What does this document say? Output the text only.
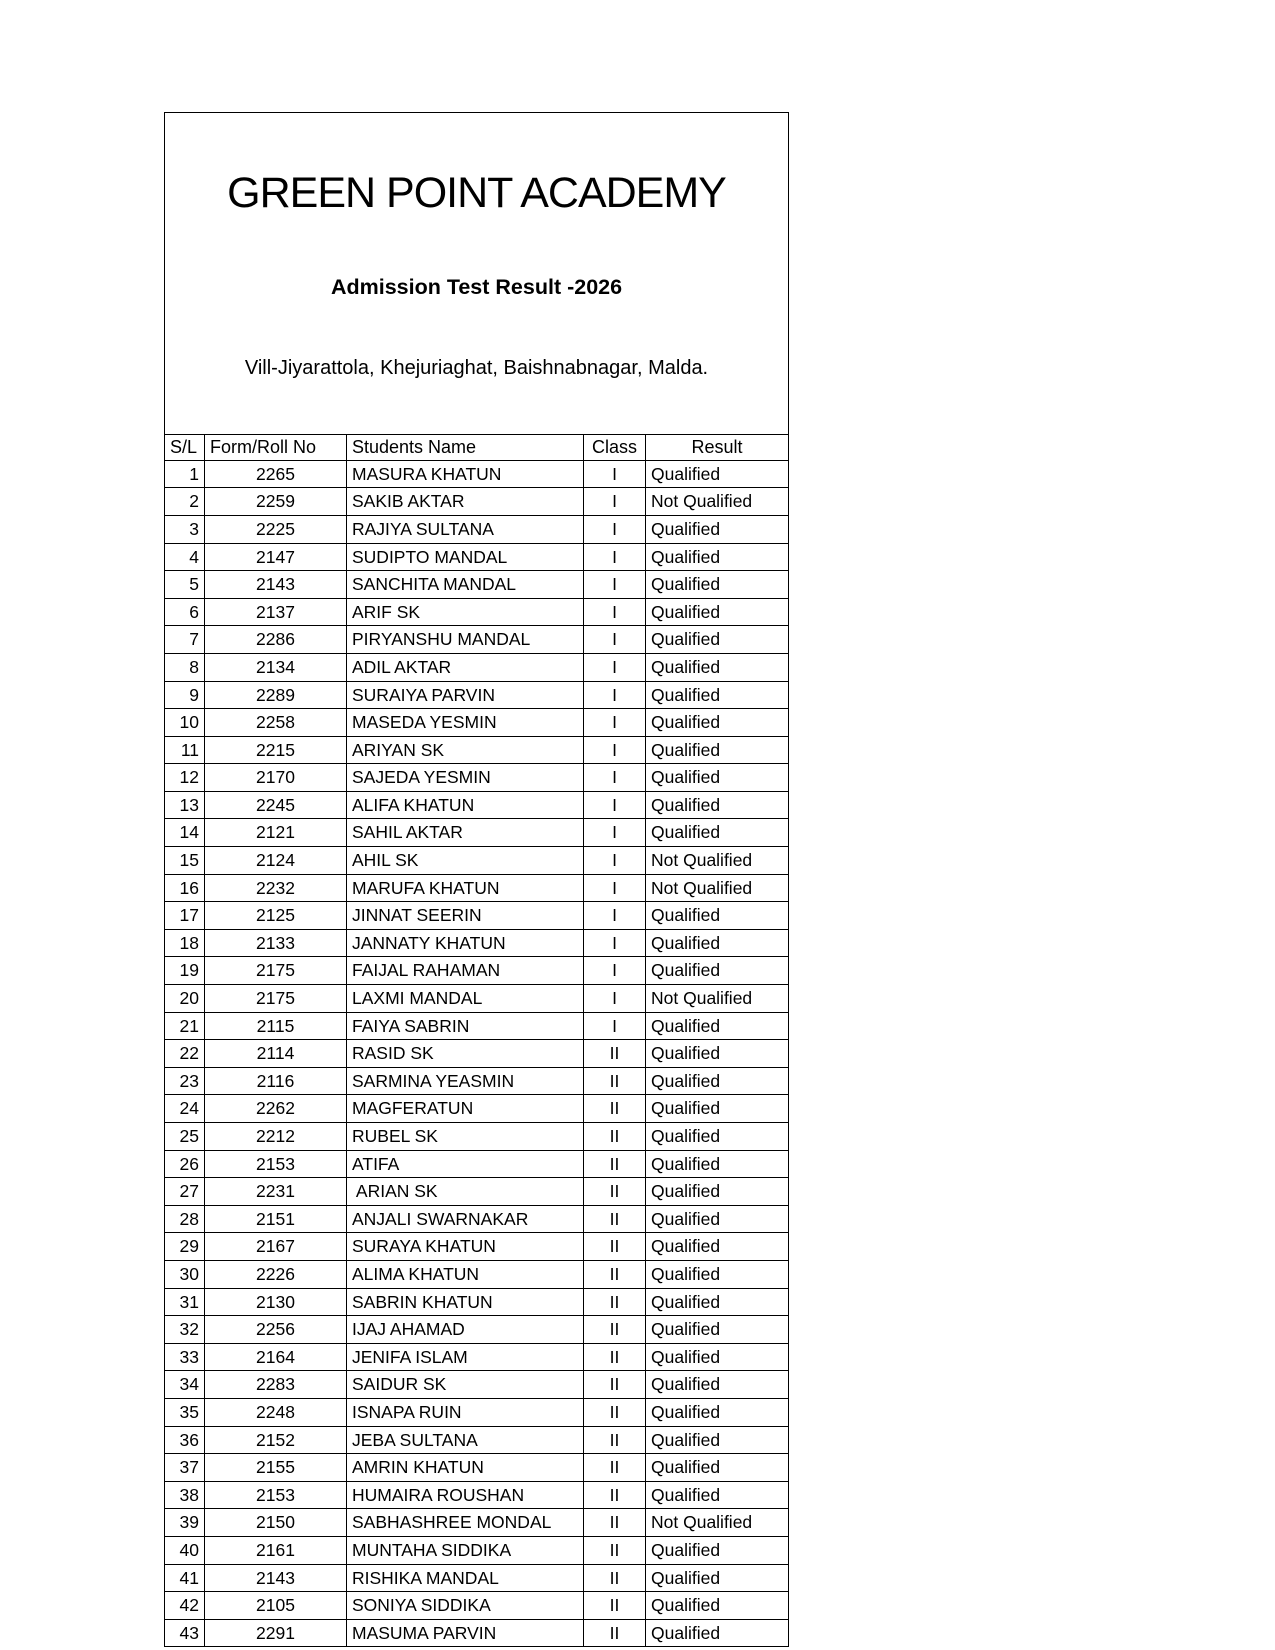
GREEN POINT ACADEMY

Admission Test Result -2026

Vill-Jiyarattola, Khejuriaghat, Baishnabnagar, Malda.				

S/L	Form/Roll No	Students Name	Class	Result
1	2265	MASURA KHATUN	I	Qualified
2	2259	SAKIB AKTAR	I	Not Qualified
3	2225	RAJIYA SULTANA	I	Qualified
4	2147	SUDIPTO MANDAL	I	Qualified
5	2143	SANCHITA MANDAL	I	Qualified
6	2137	ARIF SK	I	Qualified
7	2286	PIRYANSHU MANDAL	I	Qualified
8	2134	ADIL AKTAR	I	Qualified
9	2289	SURAIYA PARVIN	I	Qualified
10	2258	MASEDA YESMIN	I	Qualified
11	2215	ARIYAN SK	I	Qualified
12	2170	SAJEDA YESMIN	I	Qualified
13	2245	ALIFA KHATUN	I	Qualified
14	2121	SAHIL AKTAR	I	Qualified
15	2124	AHIL SK	I	Not Qualified
16	2232	MARUFA KHATUN	I	Not Qualified
17	2125	JINNAT SEERIN	I	Qualified
18	2133	JANNATY KHATUN	I	Qualified
19	2175	FAIJAL RAHAMAN	I	Qualified
20	2175	LAXMI MANDAL	I	Not Qualified
21	2115	FAIYA SABRIN	I	Qualified
22	2114	RASID SK	II	Qualified
23	2116	SARMINA YEASMIN	II	Qualified
24	2262	MAGFERATUN	II	Qualified
25	2212	RUBEL SK	II	Qualified
26	2153	ATIFA	II	Qualified
27	2231	ARIAN SK	II	Qualified
28	2151	ANJALI SWARNAKAR	II	Qualified
29	2167	SURAYA KHATUN	II	Qualified
30	2226	ALIMA KHATUN	II	Qualified
31	2130	SABRIN KHATUN	II	Qualified
32	2256	IJAJ AHAMAD	II	Qualified
33	2164	JENIFA ISLAM	II	Qualified
34	2283	SAIDUR SK	II	Qualified
35	2248	ISNAPA RUIN	II	Qualified
36	2152	JEBA SULTANA	II	Qualified
37	2155	AMRIN KHATUN	II	Qualified
38	2153	HUMAIRA ROUSHAN	II	Qualified
39	2150	SABHASHREE MONDAL	II	Not Qualified
40	2161	MUNTAHA SIDDIKA	II	Qualified
41	2143	RISHIKA MANDAL	II	Qualified
42	2105	SONIYA SIDDIKA	II	Qualified
43	2291	MASUMA PARVIN	II	Qualified
